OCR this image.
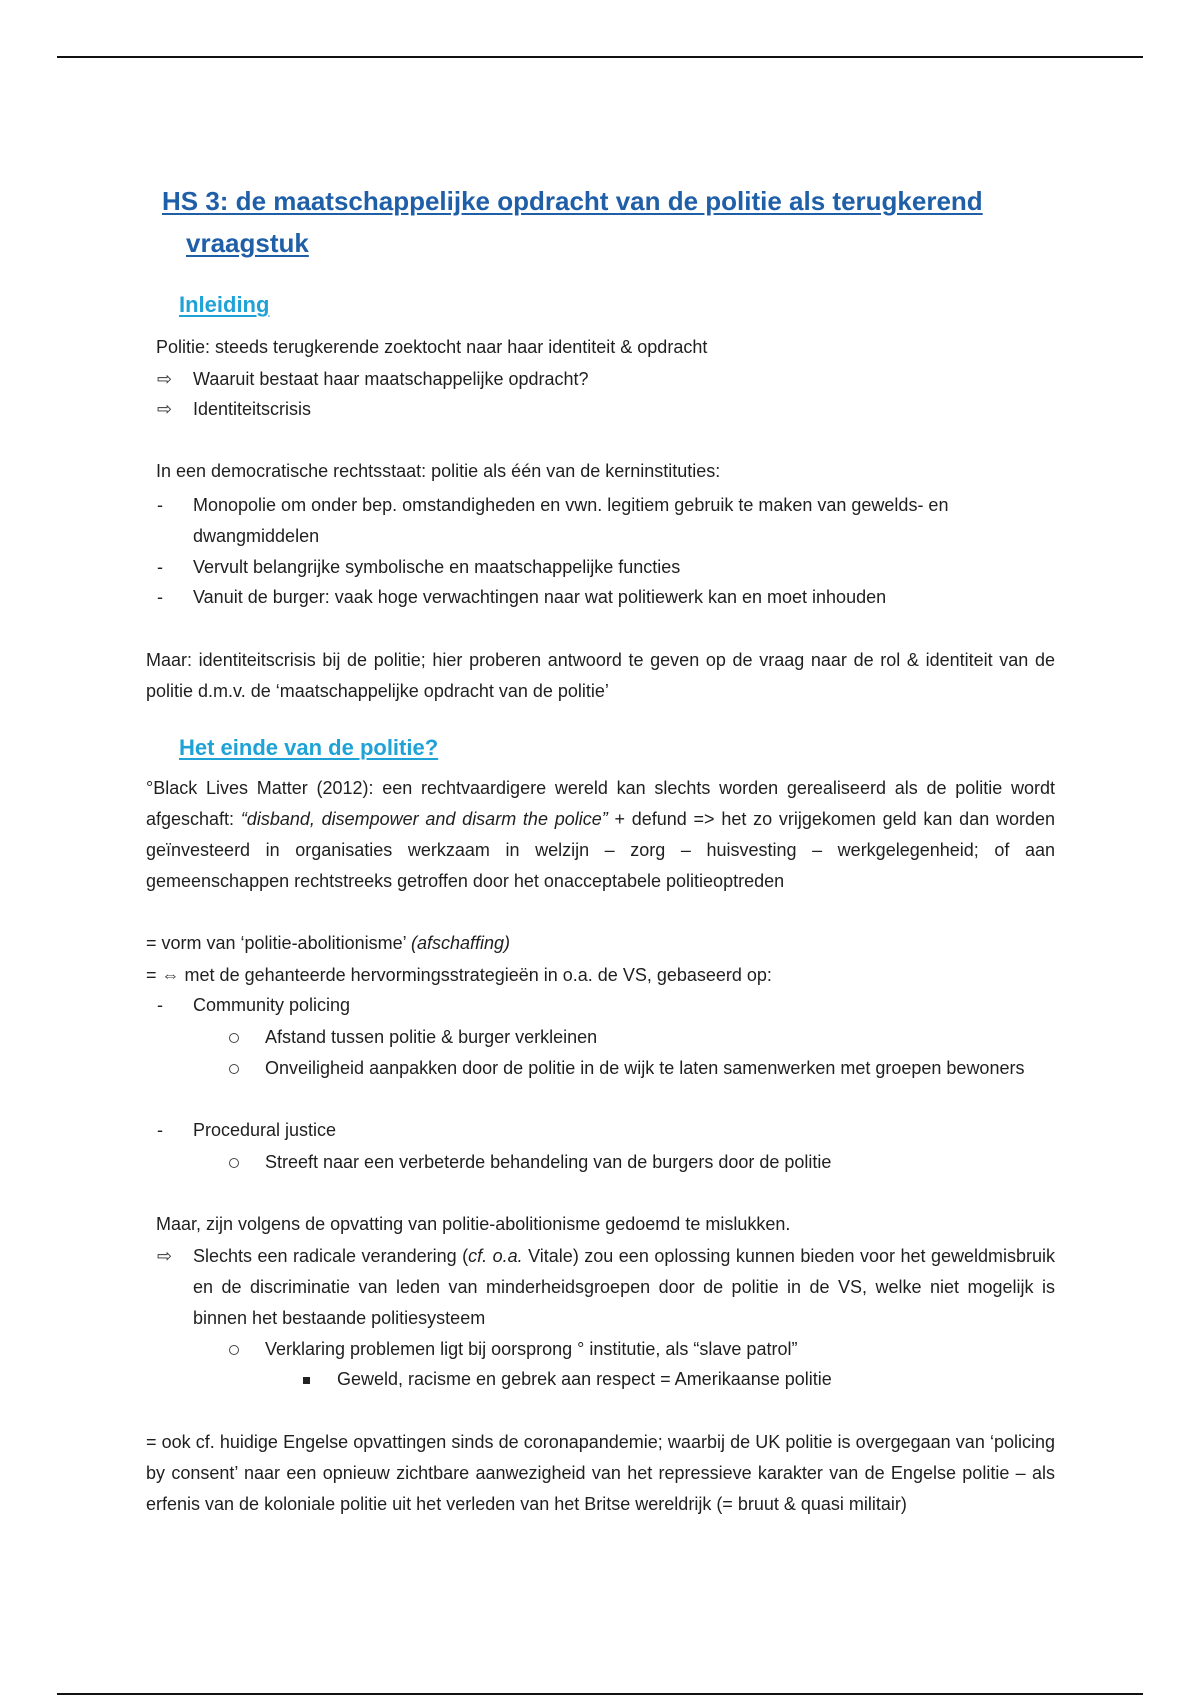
HS 3: de maatschappelijke opdracht van de politie als terugkerend
vraagstuk
Inleiding
Politie: steeds terugkerende zoektocht naar haar identiteit & opdracht
⇨ Waaruit bestaat haar maatschappelijke opdracht?
⇨ Identiteitscrisis
In een democratische rechtsstaat: politie als één van de kerninstituties:
- Monopolie om onder bep. omstandigheden en vwn. legitiem gebruik te maken van gewelds- en dwangmiddelen
- Vervult belangrijke symbolische en maatschappelijke functies
- Vanuit de burger: vaak hoge verwachtingen naar wat politiewerk kan en moet inhouden
Maar: identiteitscrisis bij de politie; hier proberen antwoord te geven op de vraag naar de rol & identiteit van de politie d.m.v. de ‘maatschappelijke opdracht van de politie’
Het einde van de politie?
°Black Lives Matter (2012): een rechtvaardigere wereld kan slechts worden gerealiseerd als de politie wordt afgeschaft: “disband, disempower and disarm the police” + defund => het zo vrijgekomen geld kan dan worden geïnvesteerd in organisaties werkzaam in welzijn – zorg – huisvesting – werkgelegenheid; of aan gemeenschappen rechtstreeks getroffen door het onacceptabele politieoptreden
= vorm van ‘politie-abolitionisme’ (afschaffing)
= ⇔ met de gehanteerde hervormingsstrategieën in o.a. de VS, gebaseerd op:
- Community policing
Afstand tussen politie & burger verkleinen
Onveiligheid aanpakken door de politie in de wijk te laten samenwerken met groepen bewoners
- Procedural justice
Streeft naar een verbeterde behandeling van de burgers door de politie
Maar, zijn volgens de opvatting van politie-abolitionisme gedoemd te mislukken.
⇨ Slechts een radicale verandering (cf. o.a. Vitale) zou een oplossing kunnen bieden voor het geweldmisbruik en de discriminatie van leden van minderheidsgroepen door de politie in de VS, welke niet mogelijk is binnen het bestaande politiesysteem
Verklaring problemen ligt bij oorsprong ° institutie, als “slave patrol”
Geweld, racisme en gebrek aan respect = Amerikaanse politie
= ook cf. huidige Engelse opvattingen sinds de coronapandemie; waarbij de UK politie is overgegaan van ‘policing by consent’ naar een opnieuw zichtbare aanwezigheid van het repressieve karakter van de Engelse politie – als erfenis van de koloniale politie uit het verleden van het Britse wereldrijk (= bruut & quasi militair)
